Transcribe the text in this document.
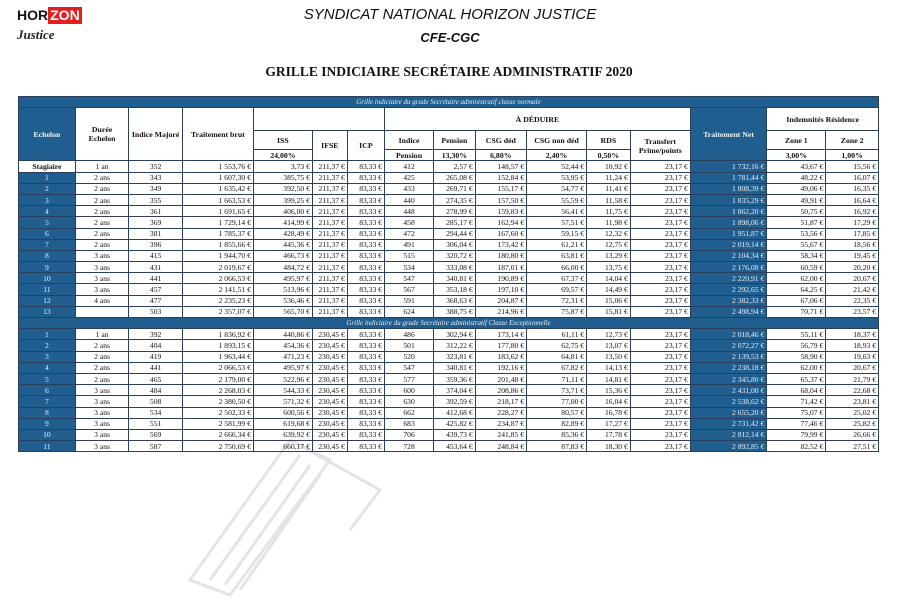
HOR ZON
Justice
SYNDICAT NATIONAL HORIZON JUSTICE
CFE-CGC
GRILLE INDICIAIRE SECRÉTAIRE ADMINISTRATIF 2020
Grille indiciaire du grade Secrétaire administratif classe normale															
Echelon	Durée Echelon	Indice Majoré	Traitement brut				À DÉDUIRE						Traitement Net	Indemnités Résidence	
				ISS	IFSE	ICP	Indice	Pension	CSG déd	CSG non déd	RDS	Transfert Prime/points		Zone 1	Zone 2

				24,00%			Pension	13,30%	6,80%	2,40%	0,50%			3,00%	1,00%
Stagiaire	1 an	352	1 553,76 €	3,73 €	211,37 €	83,33 €	412	2,57 €	148,57 €	52,44 €	10,92 €	23,17 €	1 732,16 €	43,67 €	15,56 €
1	2 ans	343	1 607,30 €	385,75 €	211,37 €	83,33 €	425	265,08 €	152,84 €	53,95 €	11,24 €	23,17 €	1 781,44 €	48,22 €	16,07 €
2	2 ans	349	1 635,42 €	392,50 €	211,37 €	83,33 €	433	269,71 €	155,17 €	54,77 €	11,41 €	23,17 €	1 808,39 €	49,06 €	16,35 €
3	2 ans	355	1 663,53 €	399,25 €	211,37 €	83,33 €	440	274,35 €	157,50 €	55,59 €	11,58 €	23,17 €	1 835,29 €	49,91 €	16,64 €
4	2 ans	361	1 691,65 €	406,00 €	211,37 €	83,33 €	448	278,99 €	159,83 €	56,41 €	11,75 €	23,17 €	1 862,20 €	50,75 €	16,92 €
5	2 ans	369	1 729,14 €	414,99 €	211,37 €	83,33 €	458	285,17 €	162,94 €	57,51 €	11,98 €	23,17 €	1 898,06 €	51,87 €	17,29 €
6	2 ans	381	1 785,37 €	428,49 €	211,37 €	83,33 €	472	294,44 €	167,60 €	59,15 €	12,32 €	23,17 €	1 951,87 €	53,56 €	17,85 €
7	2 ans	396	1 855,66 €	445,36 €	211,37 €	83,33 €	491	306,04 €	173,42 €	61,21 €	12,75 €	23,17 €	2 019,14 €	55,67 €	18,56 €
8	3 ans	415	1 944,70 €	466,73 €	211,37 €	83,33 €	515	320,72 €	180,80 €	63,81 €	13,29 €	23,17 €	2 104,34 €	58,34 €	19,45 €
9	3 ans	431	2 019,67 €	484,72 €	211,37 €	83,33 €	534	333,08 €	187,01 €	66,00 €	13,75 €	23,17 €	2 176,08 €	60,59 €	20,20 €
10	3 ans	441	2 066,53 €	495,97 €	211,37 €	83,33 €	547	340,81 €	190,89 €	67,37 €	14,04 €	23,17 €	2 220,91 €	62,00 €	20,67 €
11	3 ans	457	2 141,51 €	513,96 €	211,37 €	83,33 €	567	353,18 €	197,10 €	69,57 €	14,49 €	23,17 €	2 292,65 €	64,25 €	21,42 €
12	4 ans	477	2 235,23 €	536,46 €	211,37 €	83,33 €	591	368,63 €	204,87 €	72,31 €	15,06 €	23,17 €	2 382,33 €	67,06 €	22,35 €
13		503	2 357,07 €	565,70 €	211,37 €	83,33 €	624	388,75 €	214,96 €	75,87 €	15,81 €	23,17 €	2 498,94 €	70,71 €	23,57 €
Grille indiciaire du grade Secrétaire administratif Classe Exceptionnelle															
1	1 an	392	1 836,92 €	440,86 €	230,45 €	83,33 €	486	302,94 €	173,14 €	61,11 €	12,73 €	23,17 €	2 018,46 €	55,11 €	18,37 €
2	2 ans	404	1 893,15 €	454,36 €	230,45 €	83,33 €	501	312,22 €	177,80 €	62,75 €	13,07 €	23,17 €	2 072,27 €	56,79 €	18,93 €
3	2 ans	419	1 963,44 €	471,23 €	230,45 €	83,33 €	520	323,81 €	183,62 €	64,81 €	13,50 €	23,17 €	2 139,53 €	58,90 €	19,63 €
4	2 ans	441	2 066,53 €	495,97 €	230,45 €	83,33 €	547	340,81 €	192,16 €	67,82 €	14,13 €	23,17 €	2 238,18 €	62,00 €	20,67 €
5	2 ans	465	2 179,00 €	522,96 €	230,45 €	83,33 €	577	359,36 €	201,48 €	71,11 €	14,81 €	23,17 €	2 345,80 €	65,37 €	21,79 €
6	3 ans	484	2 268,03 €	544,33 €	230,45 €	83,33 €	600	374,04 €	208,86 €	73,71 €	15,36 €	23,17 €	2 431,00 €	68,04 €	22,68 €
7	3 ans	508	2 380,50 €	571,32 €	230,45 €	83,33 €	630	392,59 €	218,17 €	77,00 €	16,04 €	23,17 €	2 538,62 €	71,42 €	23,81 €
8	3 ans	534	2 502,33 €	600,56 €	230,45 €	83,33 €	662	412,68 €	228,27 €	80,57 €	16,78 €	23,17 €	2 655,20 €	75,07 €	25,02 €
9	3 ans	551	2 581,99 €	619,68 €	230,45 €	83,33 €	683	425,82 €	234,87 €	82,89 €	17,27 €	23,17 €	2 731,42 €	77,46 €	25,82 €
10	3 ans	569	2 666,34 €	639,92 €	230,45 €	83,33 €	706	439,73 €	241,85 €	85,36 €	17,78 €	23,17 €	2 812,14 €	79,99 €	26,66 €
11	3 ans	587	2 750,69 €	660,17 €	230,45 €	83,33 €	728	453,64 €	248,84 €	87,83 €	18,30 €	23,17 €	2 892,85 €	82,52 €	27,51 €
